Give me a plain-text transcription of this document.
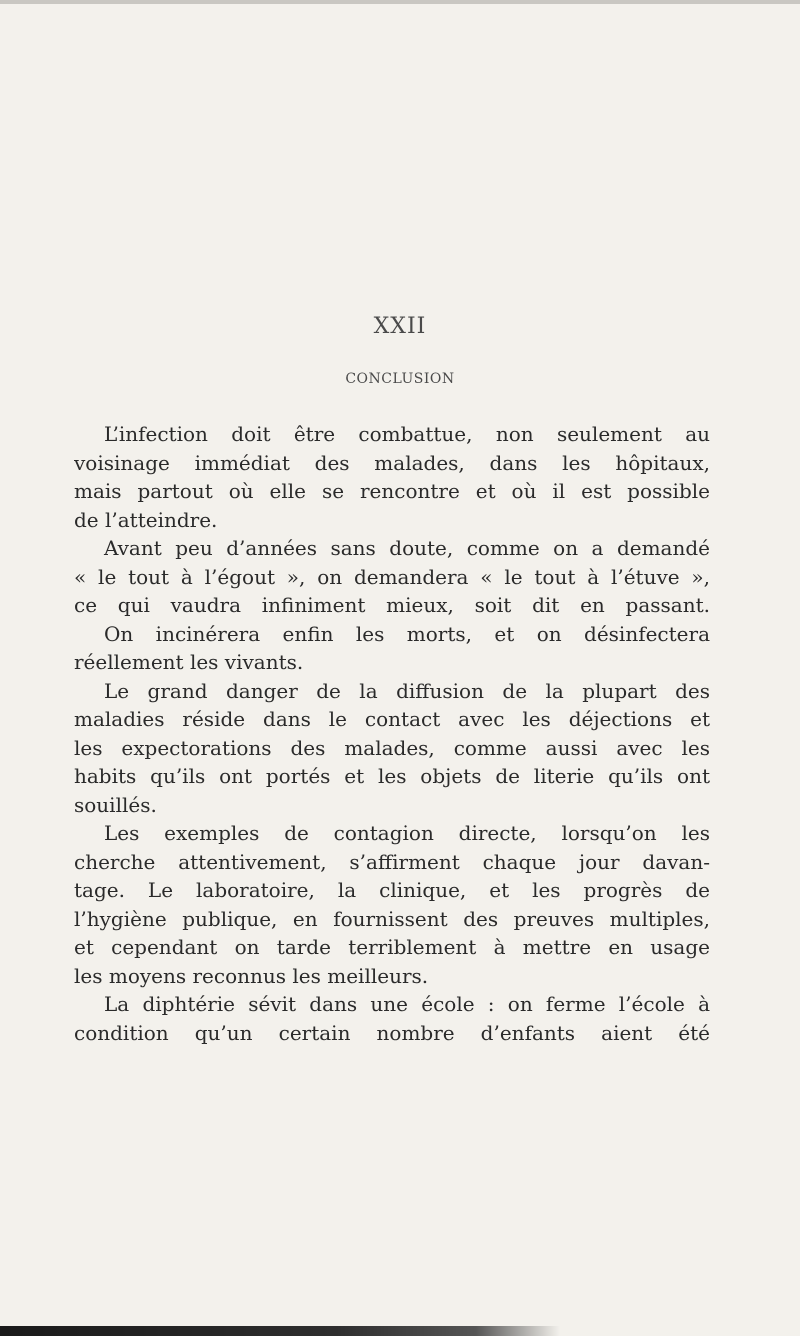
XXII
CONCLUSION
L’infection doit être combattue, non seulement au
voisinage immédiat des malades, dans les hôpitaux,
mais partout où elle se rencontre et où il est possible
de l’atteindre.
Avant peu d’années sans doute, comme on a demandé
« le tout à l’égout », on demandera « le tout à l’étuve »,
ce qui vaudra infiniment mieux, soit dit en passant.
On incinérera enfin les morts, et on désinfectera
réellement les vivants.
Le grand danger de la diffusion de la plupart des
maladies réside dans le contact avec les déjections et
les expectorations des malades, comme aussi avec les
habits qu’ils ont portés et les objets de literie qu’ils ont
souillés.
Les exemples de contagion directe, lorsqu’on les
cherche attentivement, s’affirment chaque jour davan-
tage. Le laboratoire, la clinique, et les progrès de
l’hygiène publique, en fournissent des preuves multiples,
et cependant on tarde terriblement à mettre en usage
les moyens reconnus les meilleurs.
La diphtérie sévit dans une école : on ferme l’école à
condition qu’un certain nombre d’enfants aient été
